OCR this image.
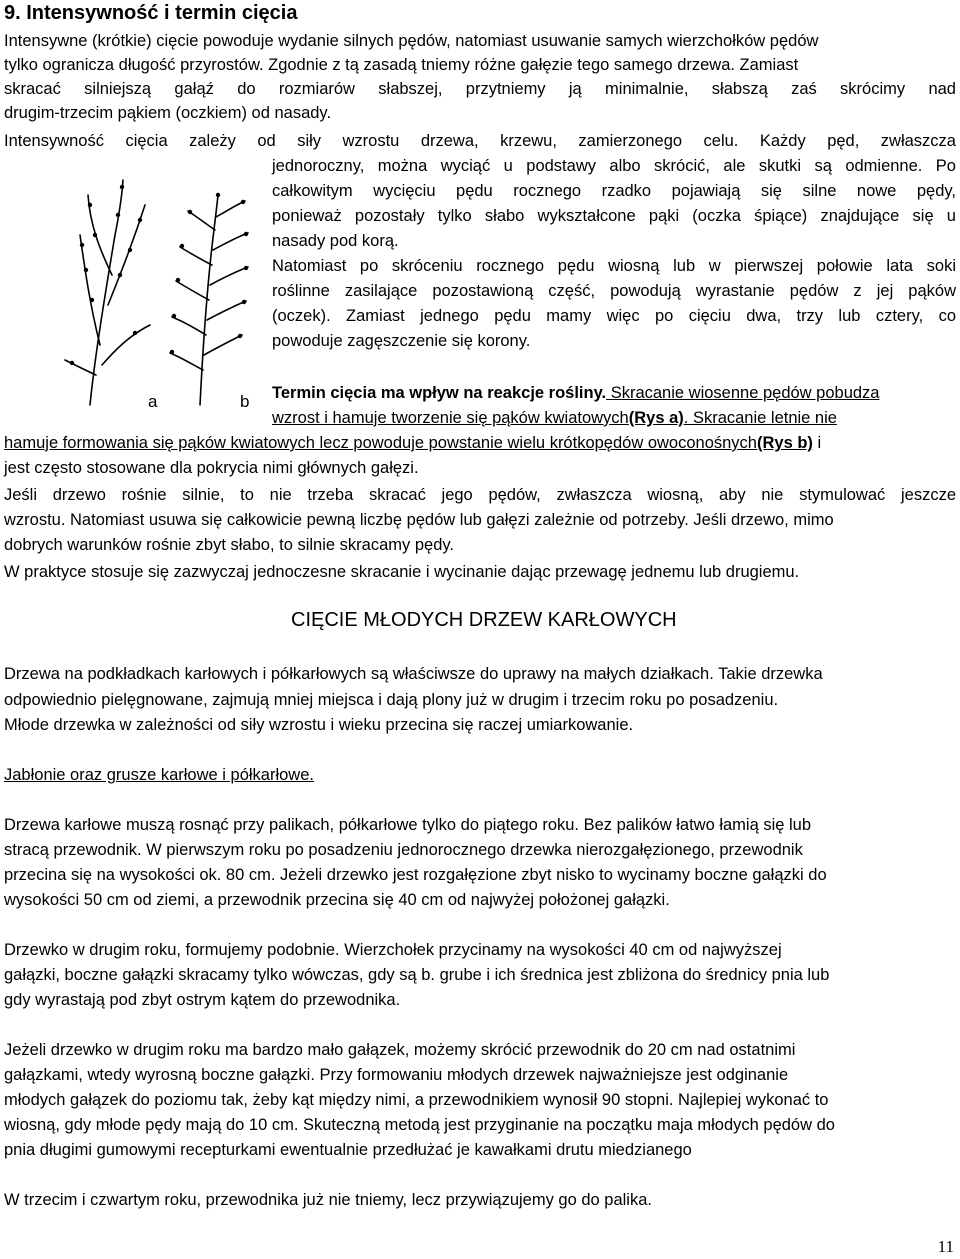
9. Intensywność i termin cięcia
Intensywne (krótkie) cięcie powoduje wydanie silnych pędów, natomiast usuwanie samych wierzchołków pędów
tylko ogranicza długość przyrostów. Zgodnie z tą zasadą tniemy różne gałęzie tego samego drzewa. Zamiast
skracać silniejszą gałąź do rozmiarów słabszej, przytniemy ją minimalnie, słabszą zaś skrócimy nad
drugim-trzecim pąkiem (oczkiem) od nasady.
Intensywność cięcia zależy od siły wzrostu drzewa, krzewu, zamierzonego celu. Każdy pęd, zwłaszcza
a	b
jednoroczny, można wyciąć u podstawy albo skrócić, ale skutki są odmienne. Po
całkowitym wycięciu pędu rocznego rzadko pojawiają się silne nowe pędy,
ponieważ pozostały tylko słabo wykształcone pąki (oczka śpiące) znajdujące się u
nasady pod korą.
Natomiast po skróceniu rocznego pędu wiosną lub w pierwszej połowie lata soki
roślinne zasilające pozostawioną część, powodują wyrastanie pędów z jej pąków
(oczek). Zamiast jednego pędu mamy więc po cięciu dwa, trzy lub cztery, co
powoduje zagęszczenie się korony.
Termin cięcia ma wpływ na reakcje rośliny. Skracanie wiosenne pędów pobudza
wzrost i hamuje tworzenie się pąków kwiatowych(Rys a). Skracanie letnie nie
hamuje formowania się pąków kwiatowych lecz powoduje powstanie wielu krótkopędów owoconośnych(Rys b) i
jest często stosowane dla pokrycia nimi głównych gałęzi.
Jeśli drzewo rośnie silnie, to nie trzeba skracać jego pędów, zwłaszcza wiosną, aby nie stymulować jeszcze
wzrostu. Natomiast usuwa się całkowicie pewną liczbę pędów lub gałęzi zależnie od potrzeby. Jeśli drzewo, mimo
dobrych warunków rośnie zbyt słabo, to silnie skracamy pędy.
W praktyce stosuje się zazwyczaj jednoczesne skracanie i wycinanie dając przewagę jednemu lub drugiemu.
CIĘCIE MŁODYCH DRZEW KARŁOWYCH
Drzewa na podkładkach karłowych i półkarłowych są właściwsze do uprawy na małych działkach. Takie drzewka
odpowiednio pielęgnowane, zajmują mniej miejsca i dają plony już w drugim i trzecim roku po posadzeniu.
Młode drzewka w zależności od siły wzrostu i wieku przecina się raczej umiarkowanie.
Jabłonie oraz grusze karłowe i półkarłowe.
Drzewa karłowe muszą rosnąć przy palikach, półkarłowe tylko do piątego roku. Bez palików łatwo łamią się lub
stracą przewodnik. W pierwszym roku po posadzeniu jednorocznego drzewka nierozgałęzionego, przewodnik
przecina się na wysokości ok. 80 cm. Jeżeli drzewko jest rozgałęzione zbyt nisko to wycinamy boczne gałązki do
wysokości 50 cm od ziemi, a przewodnik przecina się 40 cm od najwyżej położonej gałązki.
Drzewko w drugim roku, formujemy podobnie. Wierzchołek przycinamy na wysokości 40 cm od najwyższej
gałązki, boczne gałązki skracamy tylko wówczas, gdy są b. grube i ich średnica jest zbliżona do średnicy pnia lub
gdy wyrastają pod zbyt ostrym kątem do przewodnika.
Jeżeli drzewko w drugim roku ma bardzo mało gałązek, możemy skrócić przewodnik do 20 cm nad ostatnimi
gałązkami, wtedy wyrosną boczne gałązki. Przy formowaniu młodych drzewek najważniejsze jest odginanie
młodych gałązek do poziomu tak, żeby kąt między nimi, a przewodnikiem wynosił 90 stopni. Najlepiej wykonać to
wiosną, gdy młode pędy mają do 10 cm. Skuteczną metodą jest przyginanie na początku maja młodych pędów do
pnia długimi gumowymi recepturkami ewentualnie przedłużać je kawałkami drutu miedzianego
W trzecim i czwartym roku, przewodnika już nie tniemy, lecz przywiązujemy go do palika.
11
